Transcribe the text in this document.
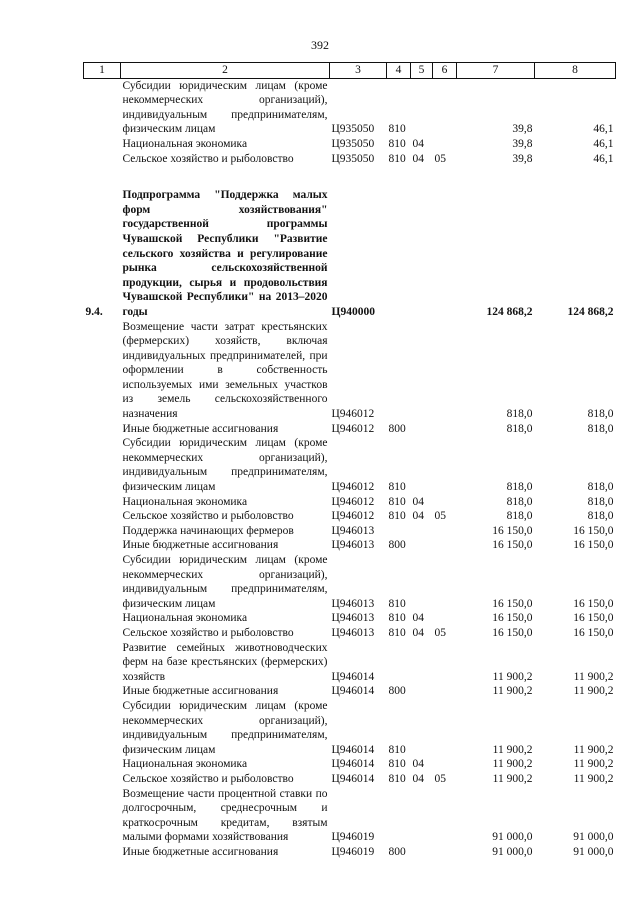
392
1	2	3	4	5	6	7	8
	Субсидии юридическим лицам (кроме некоммерческих организаций), индивидуальным предпринимателям, физическим лицам	Ц935050	810			39,8	46,1
	Национальная экономика	Ц935050	810	04		39,8	46,1
	Сельское хозяйство и рыболовство	Ц935050	810	04	05	39,8	46,1

9.4.	Подпрограмма "Поддержка малых форм хозяйствования" государственной программы Чувашской Республики "Развитие сельского хозяйства и регулирование рынка сельскохозяйственной продукции, сырья и продовольствия Чувашской Республики" на 2013–2020 годы	Ц940000				124 868,2	124 868,2
	Возмещение части затрат крестьянских (фермерских) хозяйств, включая индивидуальных предпринимателей, при оформлении в собственность используемых ими земельных участков из земель сельскохозяйственного назначения	Ц946012				818,0	818,0
	Иные бюджетные ассигнования	Ц946012	800			818,0	818,0
	Субсидии юридическим лицам (кроме некоммерческих организаций), индивидуальным предпринимателям, физическим лицам	Ц946012	810			818,0	818,0
	Национальная экономика	Ц946012	810	04		818,0	818,0
	Сельское хозяйство и рыболовство	Ц946012	810	04	05	818,0	818,0
	Поддержка начинающих фермеров	Ц946013				16 150,0	16 150,0
	Иные бюджетные ассигнования	Ц946013	800			16 150,0	16 150,0
	Субсидии юридическим лицам (кроме некоммерческих организаций), индивидуальным предпринимателям, физическим лицам	Ц946013	810			16 150,0	16 150,0
	Национальная экономика	Ц946013	810	04		16 150,0	16 150,0
	Сельское хозяйство и рыболовство	Ц946013	810	04	05	16 150,0	16 150,0
	Развитие семейных животноводческих ферм на базе крестьянских (фермерских) хозяйств	Ц946014				11 900,2	11 900,2
	Иные бюджетные ассигнования	Ц946014	800			11 900,2	11 900,2
	Субсидии юридическим лицам (кроме некоммерческих организаций), индивидуальным предпринимателям, физическим лицам	Ц946014	810			11 900,2	11 900,2
	Национальная экономика	Ц946014	810	04		11 900,2	11 900,2
	Сельское хозяйство и рыболовство	Ц946014	810	04	05	11 900,2	11 900,2
	Возмещение части процентной ставки по долгосрочным, среднесрочным и краткосрочным кредитам, взятым малыми формами хозяйствования	Ц946019				91 000,0	91 000,0
	Иные бюджетные ассигнования	Ц946019	800			91 000,0	91 000,0
